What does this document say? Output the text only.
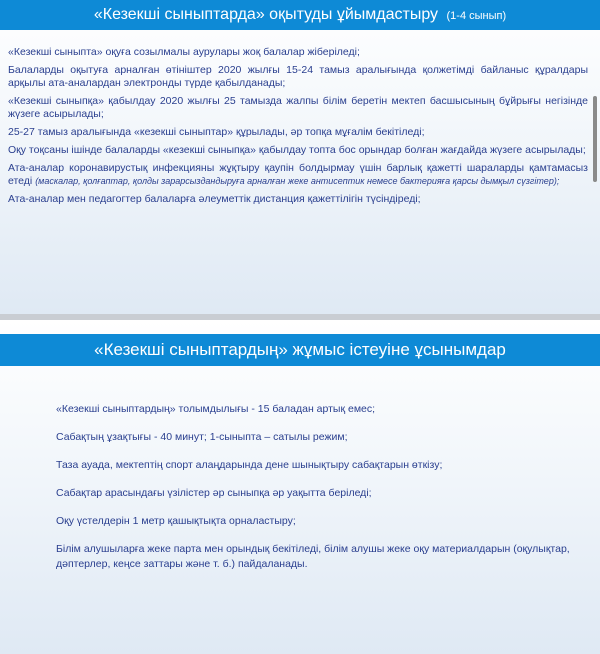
«Кезекші сыныптарда» оқытуды ұйымдастыру (1-4 сынып)
«Кезекші сыныпта» оқуға созылмалы аурулары жоқ балалар жіберіледі;
Балаларды оқытуға арналған өтініштер 2020 жылғы 15-24 тамыз аралығында қолжетімді байланыс құралдары арқылы ата-аналардан электронды түрде қабылданады;
«Кезекші сыныпқа» қабылдау 2020 жылғы 25 тамызда жалпы білім беретін мектеп басшысының бұйрығы негізінде жүзеге асырылады;
25-27 тамыз аралығында «кезекші сыныптар» құрылады, әр топқа мұғалім бекітіледі;
Оқу тоқсаны ішінде балаларды «кезекші сыныпқа» қабылдау топта бос орындар болған жағдайда жүзеге асырылады;
Ата-аналар коронавирустық инфекцияны жұқтыру қаупін болдырмау үшін барлық қажетті шараларды қамтамасыз етеді (маскалар, қолғаптар, қолды зарарсыздандыруға арналған жеке антисептик немесе бактерияға қарсы дымқыл сүзгітер);
Ата-аналар мен педагогтер балаларға әлеуметтік дистанция қажеттілігін түсіндіреді;
«Кезекші сыныптардың» жұмыс істеуіне ұсынымдар
«Кезекші сыныптардың» толымдылығы - 15 баладан артық емес;
Сабақтың ұзақтығы - 40 минут; 1-сыныпта – сатылы режим;
Таза ауада, мектептің спорт алаңдарында дене шынықтыру сабақтарын өткізу;
Сабақтар арасындағы үзілістер әр сыныпқа әр уақытта беріледі;
Оқу үстелдерін 1 метр қашықтықта орналастыру;
Білім алушыларға жеке парта мен орындық бекітіледі, білім алушы жеке оқу материалдарын (оқулықтар, дәптерлер, кеңсе заттары және т. б.) пайдаланады.
